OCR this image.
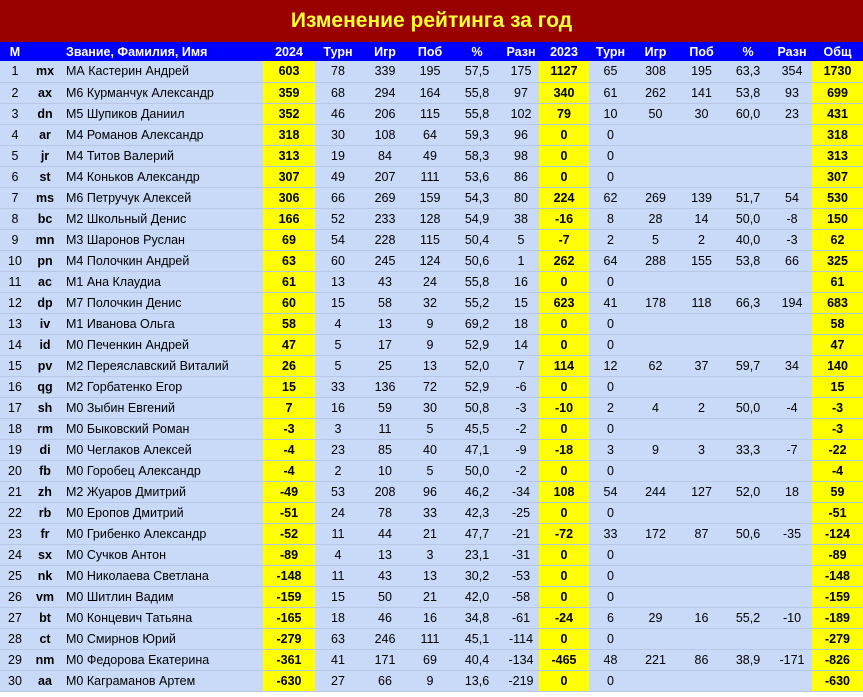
Изменение рейтинга за год
М		Звание, Фамилия, Имя	2024	Турн	Игр	Поб	%	Разн	2023	Турн	Игр	Поб	%	Разн	Общ
1	mx	МА Кастерин Андрей	603	78	339	195	57,5	175	1127	65	308	195	63,3	354	1730
2	ax	М6 Курманчук Александр	359	68	294	164	55,8	97	340	61	262	141	53,8	93	699
3	dn	М5 Шупиков Даниил	352	46	206	115	55,8	102	79	10	50	30	60,0	23	431
4	ar	М4 Романов Александр	318	30	108	64	59,3	96	0	0					318
5	jr	М4 Титов Валерий	313	19	84	49	58,3	98	0	0					313
6	st	М4 Коньков Александр	307	49	207	111	53,6	86	0	0					307
7	ms	М6 Петручук Алексей	306	66	269	159	54,3	80	224	62	269	139	51,7	54	530
8	bc	М2 Школьный Денис	166	52	233	128	54,9	38	-16	8	28	14	50,0	-8	150
9	mn	М3 Шаронов Руслан	69	54	228	115	50,4	5	-7	2	5	2	40,0	-3	62
10	pn	М4 Полочкин Андрей	63	60	245	124	50,6	1	262	64	288	155	53,8	66	325
11	ac	М1 Ана Клаудиа	61	13	43	24	55,8	16	0	0					61
12	dp	М7 Полочкин Денис	60	15	58	32	55,2	15	623	41	178	118	66,3	194	683
13	iv	М1 Иванова Ольга	58	4	13	9	69,2	18	0	0					58
14	id	М0 Печенкин Андрей	47	5	17	9	52,9	14	0	0					47
15	pv	М2 Переяславский Виталий	26	5	25	13	52,0	7	114	12	62	37	59,7	34	140
16	qg	М2 Горбатенко Егор	15	33	136	72	52,9	-6	0	0					15
17	sh	М0 Зыбин Евгений	7	16	59	30	50,8	-3	-10	2	4	2	50,0	-4	-3
18	rm	М0 Быковский Роман	-3	3	11	5	45,5	-2	0	0					-3
19	di	М0 Чеглаков Алексей	-4	23	85	40	47,1	-9	-18	3	9	3	33,3	-7	-22
20	fb	М0 Горобец Александр	-4	2	10	5	50,0	-2	0	0					-4
21	zh	М2 Жуаров Дмитрий	-49	53	208	96	46,2	-34	108	54	244	127	52,0	18	59
22	rb	М0 Еропов Дмитрий	-51	24	78	33	42,3	-25	0	0					-51
23	fr	М0 Грибенко Александр	-52	11	44	21	47,7	-21	-72	33	172	87	50,6	-35	-124
24	sx	М0 Сучков Антон	-89	4	13	3	23,1	-31	0	0					-89
25	nk	М0 Николаева Светлана	-148	11	43	13	30,2	-53	0	0					-148
26	vm	М0 Шитлин Вадим	-159	15	50	21	42,0	-58	0	0					-159
27	bt	М0 Концевич Татьяна	-165	18	46	16	34,8	-61	-24	6	29	16	55,2	-10	-189
28	ct	М0 Смирнов Юрий	-279	63	246	111	45,1	-114	0	0					-279
29	nm	М0 Федорова Екатерина	-361	41	171	69	40,4	-134	-465	48	221	86	38,9	-171	-826
30	aa	М0 Каграманов Артем	-630	27	66	9	13,6	-219	0	0					-630
